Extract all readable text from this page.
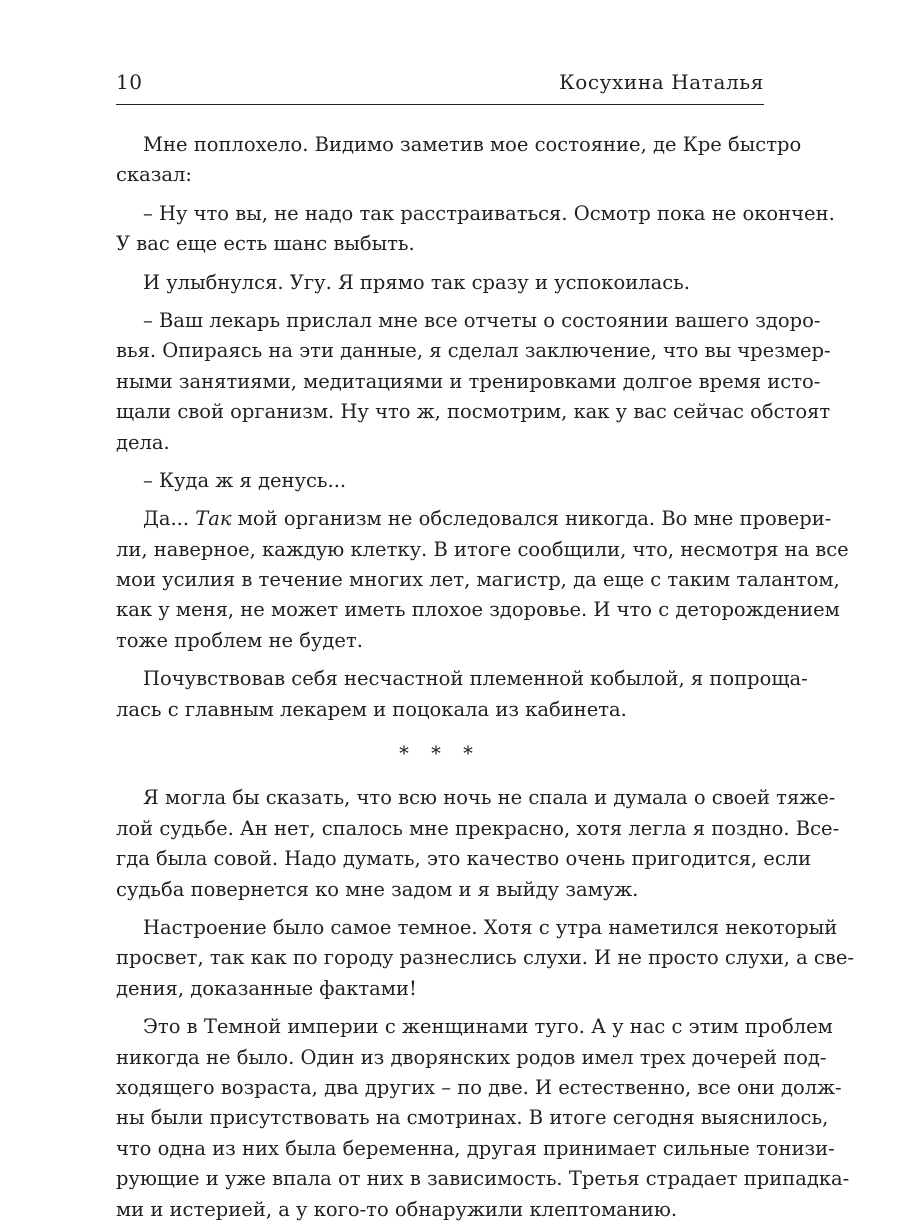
10	Косухина Наталья
Мне поплохело. Видимо заметив мое состояние, де Кре быстро
сказал:
– Ну что вы, не надо так расстраиваться. Осмотр пока не окончен.
У вас еще есть шанс выбыть.
И улыбнулся. Угу. Я прямо так сразу и успокоилась.
– Ваш лекарь прислал мне все отчеты о состоянии вашего здоро-
вья. Опираясь на эти данные, я сделал заключение, что вы чрезмер-
ными занятиями, медитациями и тренировками долгое время исто-
щали свой организм. Ну что ж, посмотрим, как у вас сейчас обстоят
дела.
– Куда ж я денусь...
Да... Так мой организм не обследовался никогда. Во мне провери-
ли, наверное, каждую клетку. В итоге сообщили, что, несмотря на все
мои усилия в течение многих лет, магистр, да еще с таким талантом,
как у меня, не может иметь плохое здоровье. И что с деторождением
тоже проблем не будет.
Почувствовав себя несчастной племенной кобылой, я попроща-
лась с главным лекарем и поцокала из кабинета.
* * *
Я могла бы сказать, что всю ночь не спала и думала о своей тяже-
лой судьбе. Ан нет, спалось мне прекрасно, хотя легла я поздно. Все-
гда была совой. Надо думать, это качество очень пригодится, если
судьба повернется ко мне задом и я выйду замуж.
Настроение было самое темное. Хотя с утра наметился некоторый
просвет, так как по городу разнеслись слухи. И не просто слухи, а све-
дения, доказанные фактами!
Это в Темной империи с женщинами туго. А у нас с этим проблем
никогда не было. Один из дворянских родов имел трех дочерей под-
ходящего возраста, два других – по две. И естественно, все они долж-
ны были присутствовать на смотринах. В итоге сегодня выяснилось,
что одна из них была беременна, другая принимает сильные тонизи-
рующие и уже впала от них в зависимость. Третья страдает припадка-
ми и истерией, а у кого-то обнаружили клептоманию.
